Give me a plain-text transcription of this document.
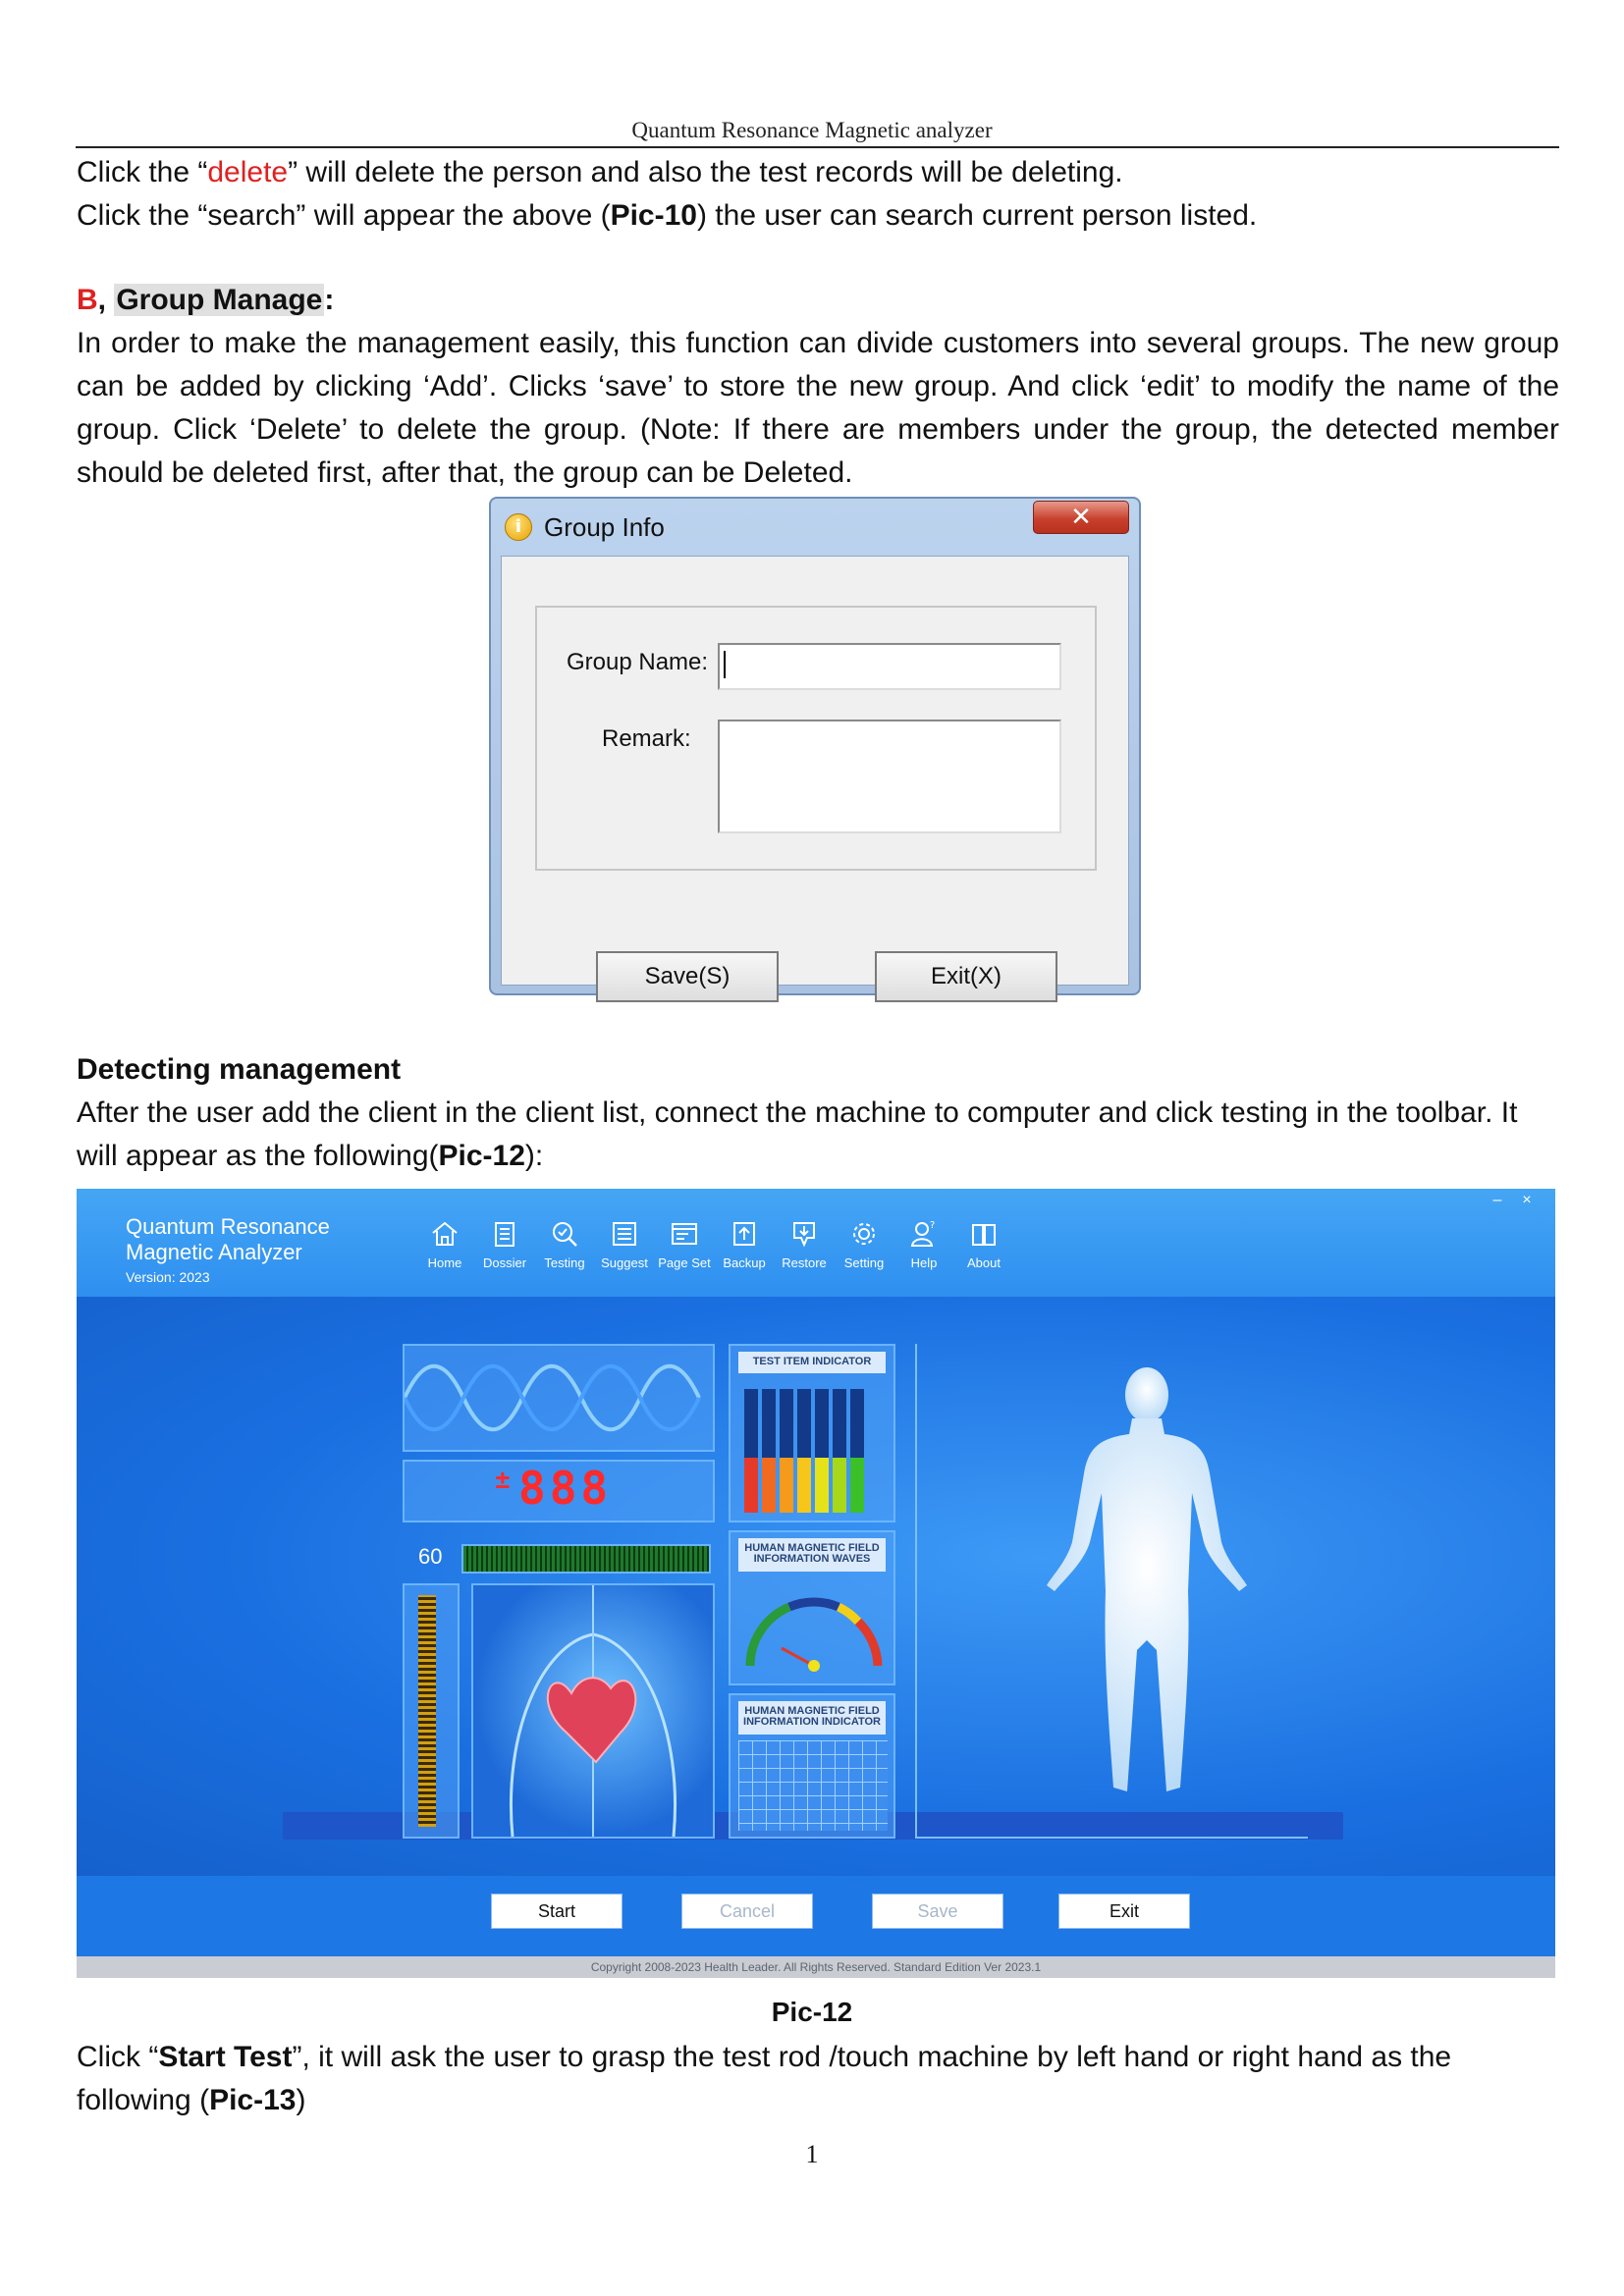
Quantum Resonance Magnetic analyzer
Click the “delete” will delete the person and also the test records will be deleting.
Click the “search” will appear the above (Pic-10) the user can search current person listed.
B, Group Manage:
In order to make the management easily, this function can divide customers into several groups. The new group can be added by clicking ‘Add’. Clicks ‘save’ to store the new group. And click ‘edit’ to modify the name of the group. Click ‘Delete’ to delete the group. (Note: If there are members under the group, the detected member should be deleted first, after that, the group can be Deleted.
i Group Info	✕
Group Name:
Remark:
Save(S)	Exit(X)
Detecting management
After the user add the client in the client list, connect the machine to computer and click testing in the toolbar. It will appear as the following(Pic-12):
Quantum Resonance
Magnetic Analyzer
Version: 2023
–	×
Home	Dossier	Testing	Suggest Page Set Backup	Restore	Setting
?
Help	About
± 888
60
TEST ITEM INDICATOR
HUMAN MAGNETIC FIELD INFORMATION WAVES
HUMAN MAGNETIC FIELD INFORMATION INDICATOR
Start	Cancel	Save	Exit
Copyright 2008-2023 Health Leader. All Rights Reserved. Standard Edition Ver 2023.1
Pic-12
Click “Start Test”, it will ask the user to grasp the test rod /touch machine by left hand or right hand as the following (Pic-13)
1
